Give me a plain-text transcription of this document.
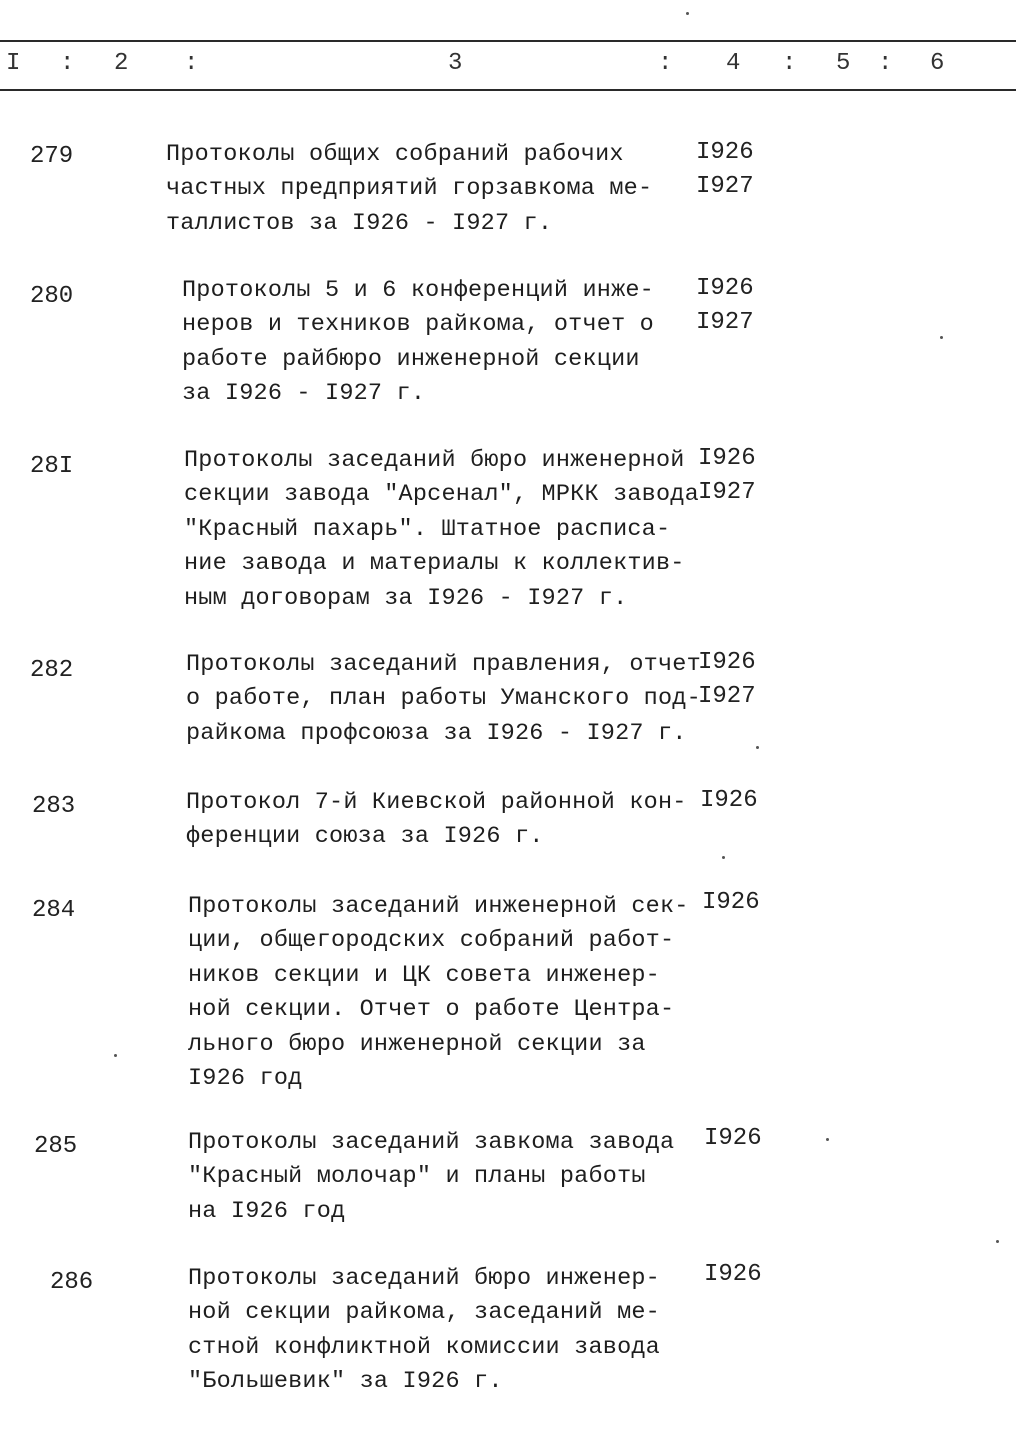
I : 2 :	3	: 4 : 5 : 6
279	Протоколы общих собраний рабочих
частных предприятий горзавкома ме-
таллистов за I926 - I927 г.
I926
I927
280	Протоколы 5 и 6 конференций инже-
неров и техников райкома, отчет о
работе райбюро инженерной секции
за I926 - I927 г.
I926
I927
28I	Протоколы заседаний бюро инженерной
секции завода "Арсенал", МРКК завода
"Красный пахарь". Штатное расписа-
ние завода и материалы к коллектив-
ным договорам за I926 - I927 г.
I926
I927
282	Протоколы заседаний правления, отчет
о работе, план работы Уманского под-
райкома профсоюза за I926 - I927 г.
I926
I927
283	Протокол 7-й Киевской районной кон-
ференции союза за I926 г.
I926
284	Протоколы заседаний инженерной сек-
ции, общегородских собраний работ-
ников секции и ЦК совета инженер-
ной секции. Отчет о работе Центра-
льного бюро инженерной секции за
I926 год
I926
285	Протоколы заседаний завкома завода
"Красный молочар" и планы работы
на I926 год
I926
286	Протоколы заседаний бюро инженер-
ной секции райкома, заседаний ме-
стной конфликтной комиссии завода
"Большевик" за I926 г.
I926
